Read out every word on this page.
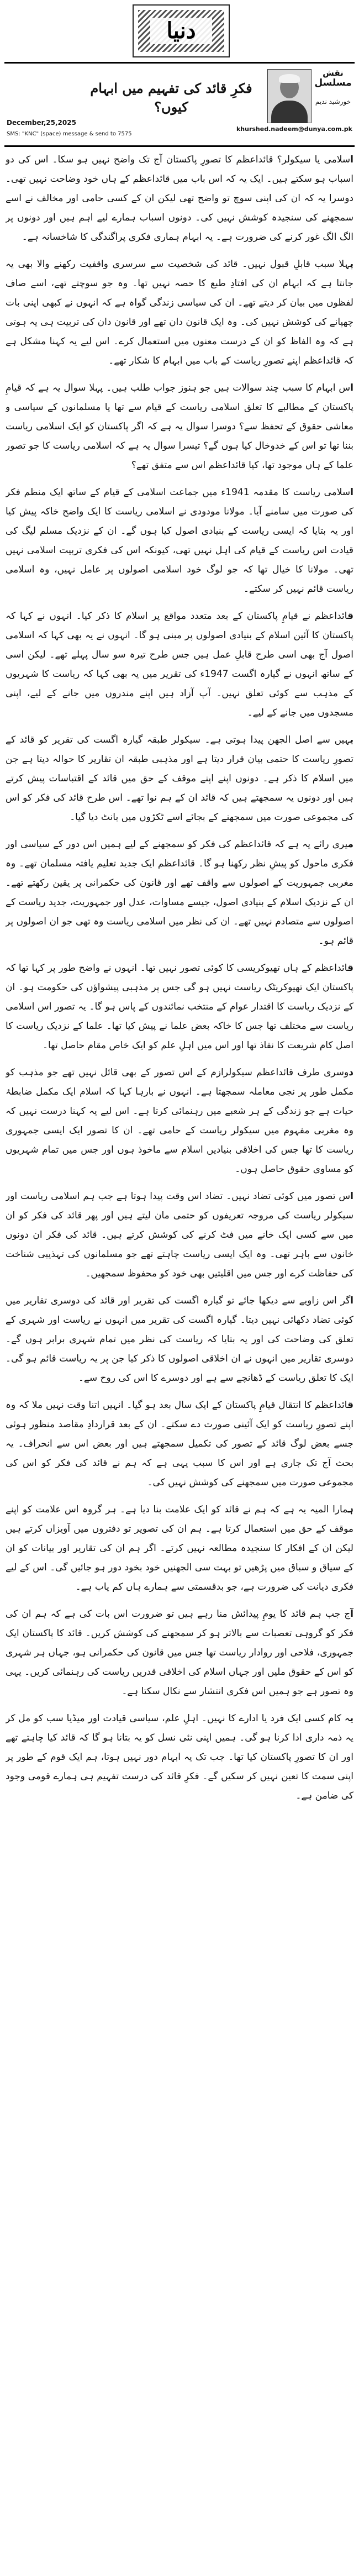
دنیا
نقش
مسلسل
خورشید ندیم
فکرِ قائد کی تفہیم میں ابہام کیوں؟
December,25,2025
khurshed.nadeem@dunya.com.pk
SMS: "KNC" (space) message & send to 7575

اسلامی یا سیکولر؟ قائداعظم کا تصورِ پاکستان آج تک واضح نہیں ہو سکا۔ اس کی دو اسباب ہو سکتے ہیں۔ ایک یہ کہ اس باب میں قائداعظم کے ہاں خود وضاحت نہیں تھی۔ دوسرا یہ کہ ان کی اپنی سوچ تو واضح تھی لیکن ان کے کسی حامی اور مخالف نے اسے سمجھنے کی سنجیدہ کوشش نہیں کی۔ دونوں اسباب ہمارے لیے اہم ہیں اور دونوں پر الگ الگ غور کرنے کی ضرورت ہے۔ یہ ابہام ہماری فکری پراگندگی کا شاخسانہ ہے۔

پہلا سبب قابلِ قبول نہیں۔ قائد کی شخصیت سے سرسری واقفیت رکھنے والا بھی یہ جانتا ہے کہ ابہام ان کی افتادِ طبع کا حصہ نہیں تھا۔ وہ جو سوچتے تھے، اسے صاف لفظوں میں بیان کر دیتے تھے۔ ان کی سیاسی زندگی گواہ ہے کہ انہوں نے کبھی اپنی بات چھپانے کی کوشش نہیں کی۔ وہ ایک قانون دان تھے اور قانون دان کی تربیت ہی یہ ہوتی ہے کہ وہ الفاظ کو ان کے درست معنوں میں استعمال کرے۔ اس لیے یہ کہنا مشکل ہے کہ قائداعظم اپنے تصورِ ریاست کے باب میں ابہام کا شکار تھے۔

اس ابہام کا سبب چند سوالات ہیں جو ہنوز جواب طلب ہیں۔ پہلا سوال یہ ہے کہ قیامِ پاکستان کے مطالبے کا تعلق اسلامی ریاست کے قیام سے تھا یا مسلمانوں کے سیاسی و معاشی حقوق کے تحفظ سے؟ دوسرا سوال یہ ہے کہ اگر پاکستان کو ایک اسلامی ریاست بننا تھا تو اس کے خدوخال کیا ہوں گے؟ تیسرا سوال یہ ہے کہ اسلامی ریاست کا جو تصور علما کے ہاں موجود تھا، کیا قائداعظم اس سے متفق تھے؟

اسلامی ریاست کا مقدمہ 1941ء میں جماعت اسلامی کے قیام کے ساتھ ایک منظم فکر کی صورت میں سامنے آیا۔ مولانا مودودی نے اسلامی ریاست کا ایک واضح خاکہ پیش کیا اور یہ بتایا کہ ایسی ریاست کے بنیادی اصول کیا ہوں گے۔ ان کے نزدیک مسلم لیگ کی قیادت اس ریاست کے قیام کی اہل نہیں تھی، کیونکہ اس کی فکری تربیت اسلامی نہیں تھی۔ مولانا کا خیال تھا کہ جو لوگ خود اسلامی اصولوں پر عامل نہیں، وہ اسلامی ریاست قائم نہیں کر سکتے۔

قائداعظم نے قیامِ پاکستان کے بعد متعدد مواقع پر اسلام کا ذکر کیا۔ انہوں نے کہا کہ پاکستان کا آئین اسلام کے بنیادی اصولوں پر مبنی ہو گا۔ انہوں نے یہ بھی کہا کہ اسلامی اصول آج بھی اسی طرح قابلِ عمل ہیں جس طرح تیرہ سو سال پہلے تھے۔ لیکن اسی کے ساتھ انہوں نے گیارہ اگست 1947ء کی تقریر میں یہ بھی کہا کہ ریاست کا شہریوں کے مذہب سے کوئی تعلق نہیں۔ آپ آزاد ہیں اپنے مندروں میں جانے کے لیے، اپنی مسجدوں میں جانے کے لیے۔

یہیں سے اصل الجھن پیدا ہوتی ہے۔ سیکولر طبقہ گیارہ اگست کی تقریر کو قائد کے تصورِ ریاست کا حتمی بیان قرار دیتا ہے اور مذہبی طبقہ ان تقاریر کا حوالہ دیتا ہے جن میں اسلام کا ذکر ہے۔ دونوں اپنے اپنے موقف کے حق میں قائد کے اقتباسات پیش کرتے ہیں اور دونوں یہ سمجھتے ہیں کہ قائد ان کے ہم نوا تھے۔ اس طرح قائد کی فکر کو اس کی مجموعی صورت میں سمجھنے کے بجائے اسے ٹکڑوں میں بانٹ دیا گیا۔

میری رائے یہ ہے کہ قائداعظم کی فکر کو سمجھنے کے لیے ہمیں اس دور کے سیاسی اور فکری ماحول کو پیشِ نظر رکھنا ہو گا۔ قائداعظم ایک جدید تعلیم یافتہ مسلمان تھے۔ وہ مغربی جمہوریت کے اصولوں سے واقف تھے اور قانون کی حکمرانی پر یقین رکھتے تھے۔ ان کے نزدیک اسلام کے بنیادی اصول، جیسے مساوات، عدل اور جمہوریت، جدید ریاست کے اصولوں سے متصادم نہیں تھے۔ ان کی نظر میں اسلامی ریاست وہ تھی جو ان اصولوں پر قائم ہو۔

قائداعظم کے ہاں تھیوکریسی کا کوئی تصور نہیں تھا۔ انہوں نے واضح طور پر کہا تھا کہ پاکستان ایک تھیوکریٹک ریاست نہیں ہو گی جس پر مذہبی پیشواؤں کی حکومت ہو۔ ان کے نزدیک ریاست کا اقتدار عوام کے منتخب نمائندوں کے پاس ہو گا۔ یہ تصور اس اسلامی ریاست سے مختلف تھا جس کا خاکہ بعض علما نے پیش کیا تھا۔ علما کے نزدیک ریاست کا اصل کام شریعت کا نفاذ تھا اور اس میں اہلِ علم کو ایک خاص مقام حاصل تھا۔

دوسری طرف قائداعظم سیکولرازم کے اس تصور کے بھی قائل نہیں تھے جو مذہب کو مکمل طور پر نجی معاملہ سمجھتا ہے۔ انہوں نے بارہا کہا کہ اسلام ایک مکمل ضابطۂ حیات ہے جو زندگی کے ہر شعبے میں رہنمائی کرتا ہے۔ اس لیے یہ کہنا درست نہیں کہ وہ مغربی مفہوم میں سیکولر ریاست کے حامی تھے۔ ان کا تصور ایک ایسی جمہوری ریاست کا تھا جس کی اخلاقی بنیادیں اسلام سے ماخوذ ہوں اور جس میں تمام شہریوں کو مساوی حقوق حاصل ہوں۔

اس تصور میں کوئی تضاد نہیں۔ تضاد اس وقت پیدا ہوتا ہے جب ہم اسلامی ریاست اور سیکولر ریاست کی مروجہ تعریفوں کو حتمی مان لیتے ہیں اور پھر قائد کی فکر کو ان میں سے کسی ایک خانے میں فٹ کرنے کی کوشش کرتے ہیں۔ قائد کی فکر ان دونوں خانوں سے باہر تھی۔ وہ ایک ایسی ریاست چاہتے تھے جو مسلمانوں کی تہذیبی شناخت کی حفاظت کرے اور جس میں اقلیتیں بھی خود کو محفوظ سمجھیں۔

اگر اس زاویے سے دیکھا جائے تو گیارہ اگست کی تقریر اور قائد کی دوسری تقاریر میں کوئی تضاد دکھائی نہیں دیتا۔ گیارہ اگست کی تقریر میں انہوں نے ریاست اور شہری کے تعلق کی وضاحت کی اور یہ بتایا کہ ریاست کی نظر میں تمام شہری برابر ہوں گے۔ دوسری تقاریر میں انہوں نے ان اخلاقی اصولوں کا ذکر کیا جن پر یہ ریاست قائم ہو گی۔ ایک کا تعلق ریاست کے ڈھانچے سے ہے اور دوسرے کا اس کی روح سے۔

قائداعظم کا انتقال قیامِ پاکستان کے ایک سال بعد ہو گیا۔ انہیں اتنا وقت نہیں ملا کہ وہ اپنے تصورِ ریاست کو ایک آئینی صورت دے سکتے۔ ان کے بعد قراردادِ مقاصد منظور ہوئی جسے بعض لوگ قائد کے تصور کی تکمیل سمجھتے ہیں اور بعض اس سے انحراف۔ یہ بحث آج تک جاری ہے اور اس کا سبب یہی ہے کہ ہم نے قائد کی فکر کو اس کی مجموعی صورت میں سمجھنے کی کوشش نہیں کی۔

ہمارا المیہ یہ ہے کہ ہم نے قائد کو ایک علامت بنا دیا ہے۔ ہر گروہ اس علامت کو اپنے موقف کے حق میں استعمال کرتا ہے۔ ہم ان کی تصویر تو دفتروں میں آویزاں کرتے ہیں لیکن ان کے افکار کا سنجیدہ مطالعہ نہیں کرتے۔ اگر ہم ان کی تقاریر اور بیانات کو ان کے سیاق و سباق میں پڑھیں تو بہت سی الجھنیں خود بخود دور ہو جائیں گی۔ اس کے لیے فکری دیانت کی ضرورت ہے، جو بدقسمتی سے ہمارے ہاں کم یاب ہے۔

آج جب ہم قائد کا یومِ پیدائش منا رہے ہیں تو ضرورت اس بات کی ہے کہ ہم ان کی فکر کو گروہی تعصبات سے بالاتر ہو کر سمجھنے کی کوشش کریں۔ قائد کا پاکستان ایک جمہوری، فلاحی اور روادار ریاست تھا جس میں قانون کی حکمرانی ہو، جہاں ہر شہری کو اس کے حقوق ملیں اور جہاں اسلام کی اخلاقی قدریں ریاست کی رہنمائی کریں۔ یہی وہ تصور ہے جو ہمیں اس فکری انتشار سے نکال سکتا ہے۔

یہ کام کسی ایک فرد یا ادارے کا نہیں۔ اہلِ علم، سیاسی قیادت اور میڈیا سب کو مل کر یہ ذمہ داری ادا کرنا ہو گی۔ ہمیں اپنی نئی نسل کو یہ بتانا ہو گا کہ قائد کیا چاہتے تھے اور ان کا تصورِ پاکستان کیا تھا۔ جب تک یہ ابہام دور نہیں ہوتا، ہم ایک قوم کے طور پر اپنی سمت کا تعین نہیں کر سکیں گے۔ فکرِ قائد کی درست تفہیم ہی ہمارے قومی وجود کی ضامن ہے۔
